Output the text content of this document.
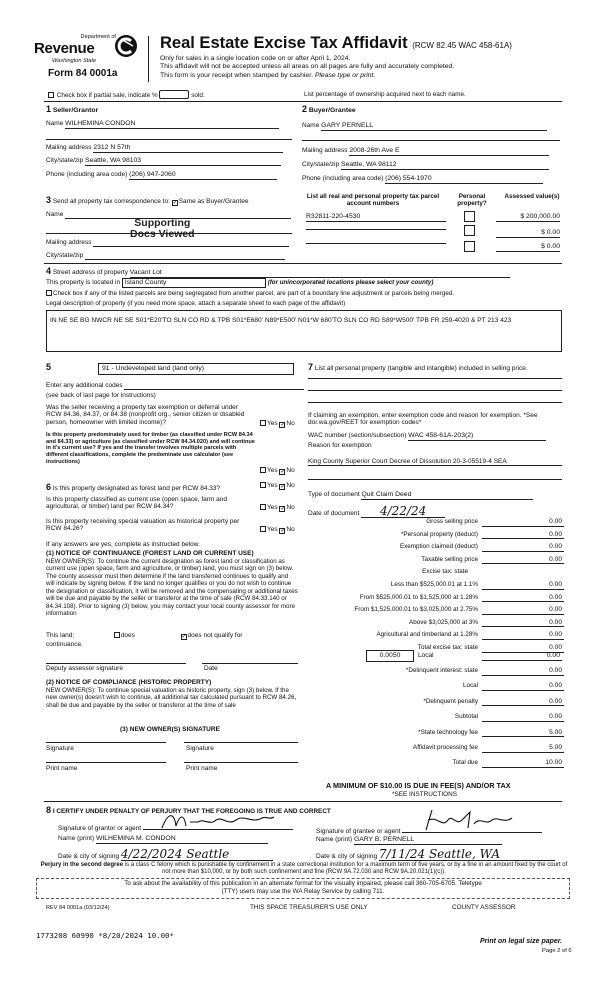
Department of
Revenue
Washington State
Form 84 0001a
Real Estate Excise Tax Affidavit (RCW 82.45 WAC 458-61A)
Only for sales in a single location code on or after April 1, 2024.
This affidavit will not be accepted unless all areas on all pages are fully and accurately completed.
This form is your receipt when stamped by cashier. Please type or print.
Check box if partial sale, indicate %	sold.	List percentage of ownership acquired next to each name.
1 Seller/Grantor
Name WILHEMINA CONDON
Mailing address 2312 N 57th
City/state/zip Seattle, WA 98103
Phone (including area code) (206) 947-2060
2 Buyer/Grantee
Name GARY PERNELL
Mailing address 2008-26th Ave E
City/state/zip Seattle, WA 98112
Phone (including area code) (206) 554-1970
3 Send all property tax correspondence to: ✓Same as Buyer/Grantee
Name
Supporting
Docs Viewed
Mailing address
City/state/zip
List all real and personal property tax parcel account numbers
Personal property?
Assessed value(s)
R32811-220-4530	$ 200,000.00
$ 0.00
$ 0.00
4 Street address of property Vacant Lot
This property is located in Island County	(for unincorporated locations please select your county)
Check box if any of the listed parcels are being segregated from another parcel, are part of a boundary line adjustment or parcels being merged.
Legal description of property (if you need more space, attach a separate sheet to each page of the affidavit)
IN NE SE BG NWCR NE SE S01*E20'TO SLN CO RD & TPB S01*E680' N89*E500' N01*W 680'TO SLN CO RD S89*W500' TPB FR 259-4020 & PT 213 423
5	91 - Undeveloped land (land only)
Enter any additional codes
(see back of last page for instructions)
Was the seller receiving a property tax exemption or deferral under RCW 84.36, 84.37, or 84.38 (nonprofit org., senior citizen or disabled person, homeowner with limited income)?	Yes ✓No
Is this property predominately used for timber (as classified under RCW 84.34 and 84.33) or agriculture (as classified under RCW 84.34.020) and will continue in it's current use? If yes and the transfer involves multiple parcels with different classifications, complete the predominate use calculator (see instructions)
Yes ✓No
6 Is this property designated as forest land per RCW 84.33?	Yes ✓No
Is this property classified as current use (open space, farm and agricultural, or timber) land per RCW 84.34?	Yes ✓No
Is this property receiving special valuation as historical property per RCW 84.26?	Yes ✓No
If any answers are yes, complete as instructed below.
(1) NOTICE OF CONTINUANCE (FOREST LAND OR CURRENT USE)
NEW OWNER(S): To continue the current designation as forest land or classification as current use (open space, farm and agriculture, or timber) land, you must sign on (3) below. The county assessor must then determine if the land transferred continues to qualify and will indicate by signing below. If the land no longer qualifies or you do not wish to continue the designation or classification, it will be removed and the compensating or additional taxes will be due and payable by the seller or transferor at the time of sale (RCW 84.33.140 or 84.34.108). Prior to signing (3) below, you may contact your local county assessor for more information
This land:	does	✓does not qualify for
continuance.
Deputy assessor signature	Date
(2) NOTICE OF COMPLIANCE (HISTORIC PROPERTY)
NEW OWNER(S): To continue special valuation as historic property, sign (3) below. If the new owner(s) doesn't wish to continue, all additional tax calculated pursuant to RCW 84.26, shall be due and payable by the seller or transferor at the time of sale
(3) NEW OWNER(S) SIGNATURE
Signature	Signature
Print name	Print name
7 List all personal property (tangible and intangible) included in selling price.
If claiming an exemption, enter exemption code and reason for exemption. *See dor.wa.gov/REET for exemption codes*
WAC number (section/subsection) WAC 458-61A-203(2)
Reason for exemption
King County Superior Court Decree of Dissolution 20-3-05519-4 SEA
Type of document Quit Claim Deed
Date of document 4/22/24
Gross selling price	0.00
*Personal property (deduct)	0.00
Exemption claimed (deduct)	0.00
Taxable selling price	0.00
Excise tax: state
Less than $525,000.01 at 1.1%	0.00
From $525,000.01 to $1,525,000 at 1.28%	0.00
From $1,525,000.01 to $3,025,000 at 2.75%	0.00
Above $3,025,000 at 3%	0.00
Agricultural and timberland at 1.28%	0.00
Total excise tax: state	0.00
0.0050	Local	0.00
*Delinquent interest: state	0.00
Local	0.00
*Delinquent penalty	0.00
Subtotal	0.00
*State technology fee	5.00
Affidavit processing fee	5.00
Total due	10.00
A MINIMUM OF $10.00 IS DUE IN FEE(S) AND/OR TAX
*SEE INSTRUCTIONS
8 I CERTIFY UNDER PENALTY OF PERJURY THAT THE FOREGOING IS TRUE AND CORRECT
Signature of grantor or agent
Name (print) WILHEMINA M. CONDON
Date & city of signing 4/22/2024 Seattle
Signature of grantee or agent
Name (print) GARY B. PERNELL
Date & city of signing 7/11/24 Seattle, WA
Perjury in the second degree is a class C felony which is punishable by confinement in a state correctional institution for a maximum term of five years, or by a fine in an amount fixed by the court of not more than $10,000, or by both such confinement and fine (RCW 9A.72.030 and RCW 9A.20.021(1)(c)).
To ask about the availability of this publication in an alternate format for the visually impaired, please call 360-705-6705. Teletype
(TTY) users may use the WA Relay Service by calling 711.
REV 84 0001a (03/12/24)	THIS SPACE TREASURER'S USE ONLY	COUNTY ASSESSOR
1773208 60990 *8/20/2024 10.00*
Print on legal size paper.
Page 2 of 6
